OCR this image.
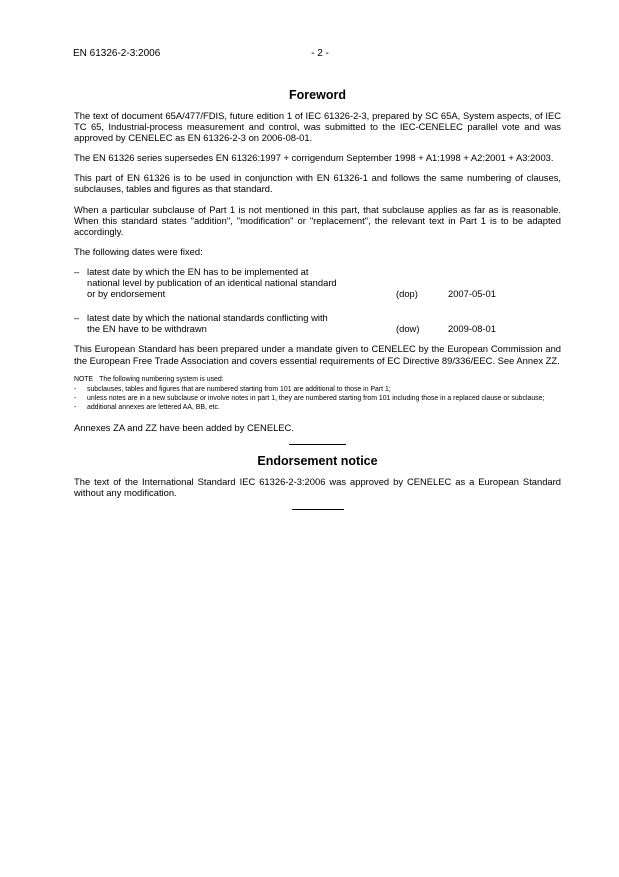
EN 61326-2-3:2006	- 2 -
Foreword

The text of document 65A/477/FDIS, future edition 1 of IEC 61326-2-3, prepared by SC 65A, System aspects, of IEC TC 65, Industrial-process measurement and control, was submitted to the IEC-CENELEC parallel vote and was approved by CENELEC as EN 61326-2-3 on 2006-08-01.

The EN 61326 series supersedes EN 61326:1997 + corrigendum September 1998 + A1:1998 + A2:2001 + A3:2003.

This part of EN 61326 is to be used in conjunction with EN 61326-1 and follows the same numbering of clauses, subclauses, tables and figures as that standard.

When a particular subclause of Part 1 is not mentioned in this part, that subclause applies as far as is reasonable. When this standard states "addition", "modification" or "replacement", the relevant text in Part 1 is to be adapted accordingly.

The following dates were fixed:

– latest date by which the EN has to be implemented at national level by publication of an identical national standard or by endorsement	(dop)	2007-05-01
– latest date by which the national standards conflicting with the EN have to be withdrawn	(dow)	2009-08-01

This European Standard has been prepared under a mandate given to CENELEC by the European Commission and the European Free Trade Association and covers essential requirements of EC Directive 89/336/EEC. See Annex ZZ.

NOTE The following numbering system is used:
- subclauses, tables and figures that are numbered starting from 101 are additional to those in Part 1;
- unless notes are in a new subclause or involve notes in part 1, they are numbered starting from 101 including those in a replaced clause or subclause;
- additional annexes are lettered AA, BB, etc.

Annexes ZA and ZZ have been added by CENELEC.

Endorsement notice

The text of the International Standard IEC 61326-2-3:2006 was approved by CENELEC as a European Standard without any modification.
